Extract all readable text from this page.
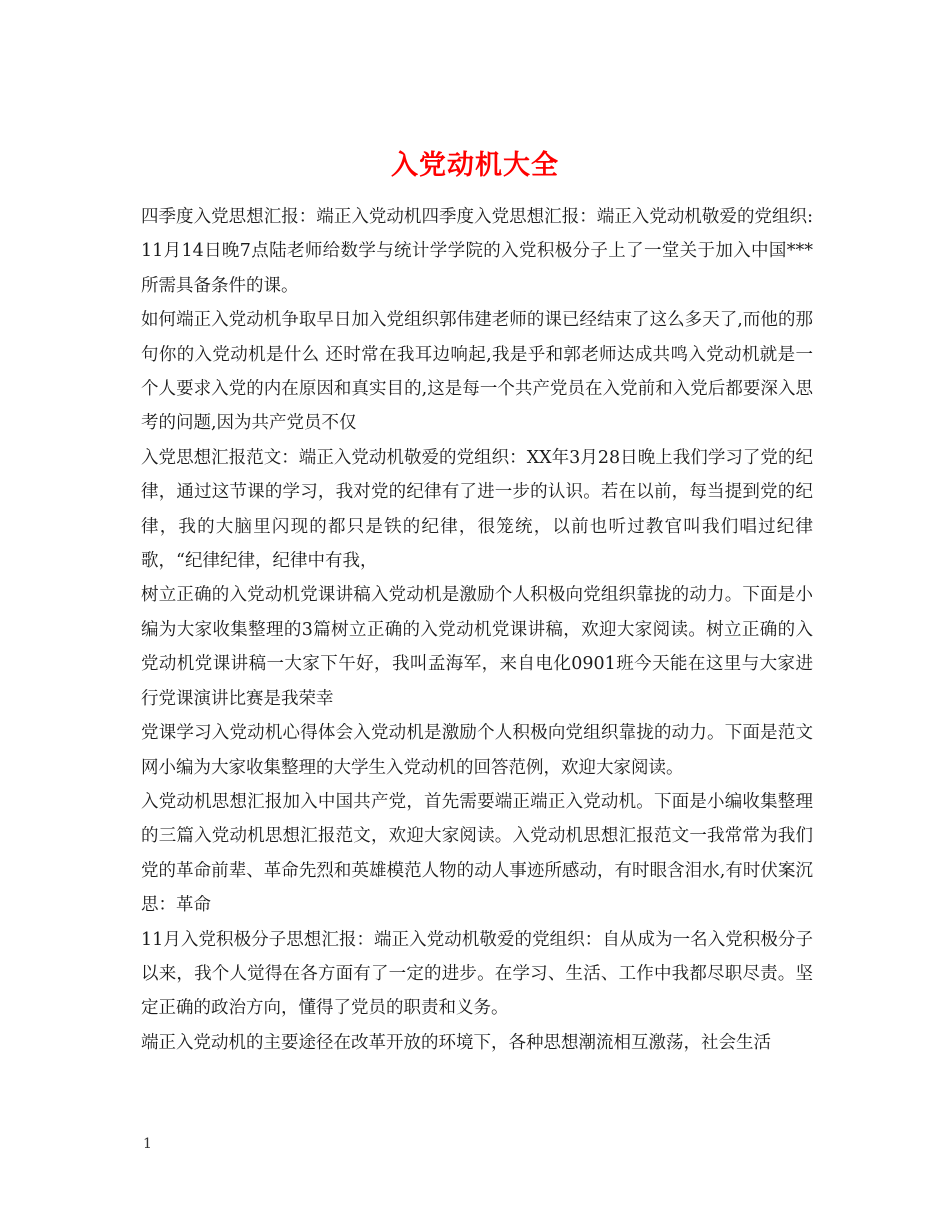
入党动机大全

四季度入党思想汇报：端正入党动机四季度入党思想汇报：端正入党动机敬爱的党组织:11月14日晚7点陆老师给数学与统计学学院的入党积极分子上了一堂关于加入中国***所需具备条件的课。

如何端正入党动机争取早日加入党组织郭伟建老师的课已经结束了这么多天了,而他的那句你的入党动机是什么 还时常在我耳边响起,我是乎和郭老师达成共鸣入党动机就是一个人要求入党的内在原因和真实目的,这是每一个共产党员在入党前和入党后都要深入思考的问题,因为共产党员不仅

入党思想汇报范文：端正入党动机敬爱的党组织：XX年3月28日晚上我们学习了党的纪律，通过这节课的学习，我对党的纪律有了进一步的认识。若在以前，每当提到党的纪律，我的大脑里闪现的都只是铁的纪律，很笼统，以前也听过教官叫我们唱过纪律歌，“纪律纪律，纪律中有我，

树立正确的入党动机党课讲稿入党动机是激励个人积极向党组织靠拢的动力。下面是小编为大家收集整理的3篇树立正确的入党动机党课讲稿，欢迎大家阅读。树立正确的入党动机党课讲稿一大家下午好，我叫孟海军，来自电化0901班今天能在这里与大家进行党课演讲比赛是我荣幸

党课学习入党动机心得体会入党动机是激励个人积极向党组织靠拢的动力。下面是范文网小编为大家收集整理的大学生入党动机的回答范例，欢迎大家阅读。

入党动机思想汇报加入中国共产党，首先需要端正端正入党动机。下面是小编收集整理的三篇入党动机思想汇报范文，欢迎大家阅读。入党动机思想汇报范文一我常常为我们党的革命前辈、革命先烈和英雄模范人物的动人事迹所感动，有时眼含泪水,有时伏案沉思：革命

11月入党积极分子思想汇报：端正入党动机敬爱的党组织：自从成为一名入党积极分子以来，我个人觉得在各方面有了一定的进步。在学习、生活、工作中我都尽职尽责。坚定正确的政治方向，懂得了党员的职责和义务。

端正入党动机的主要途径在改革开放的环境下，各种思想潮流相互激荡，社会生活

1
